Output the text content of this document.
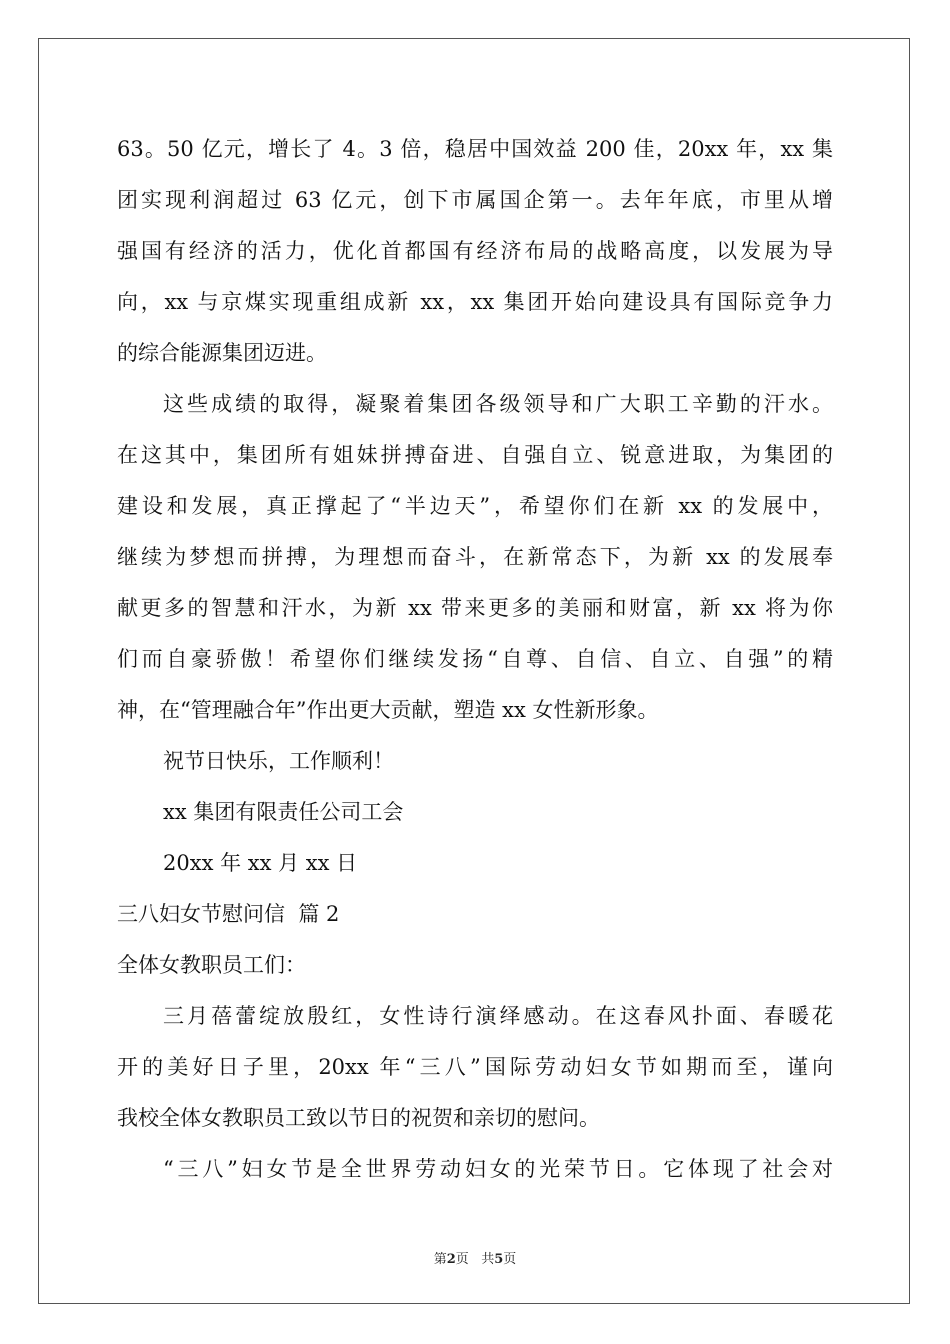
63。50 亿元，增长了 4。3 倍，稳居中国效益 200 佳，20xx 年，xx 集
团实现利润超过 63 亿元，创下市属国企第一。去年年底，市里从增
强国有经济的活力，优化首都国有经济布局的战略高度，以发展为导
向，xx 与京煤实现重组成新 xx，xx 集团开始向建设具有国际竞争力
的综合能源集团迈进。
这些成绩的取得，凝聚着集团各级领导和广大职工辛勤的汗水。
在这其中，集团所有姐妹拼搏奋进、自强自立、锐意进取，为集团的
建设和发展，真正撑起了“半边天”，希望你们在新 xx 的发展中，
继续为梦想而拼搏，为理想而奋斗，在新常态下，为新 xx 的发展奉
献更多的智慧和汗水，为新 xx 带来更多的美丽和财富，新 xx 将为你
们而自豪骄傲！希望你们继续发扬“自尊、自信、自立、自强”的精
神，在“管理融合年”作出更大贡献，塑造 xx 女性新形象。
祝节日快乐，工作顺利！
xx 集团有限责任公司工会
20xx 年 xx 月 xx 日
三八妇女节慰问信  篇 2
全体女教职员工们：
三月蓓蕾绽放殷红，女性诗行演绎感动。在这春风扑面、春暖花
开的美好日子里，20xx 年“三八”国际劳动妇女节如期而至，谨向
我校全体女教职员工致以节日的祝贺和亲切的慰问。
“三八”妇女节是全世界劳动妇女的光荣节日。它体现了社会对
第2页 共5页
